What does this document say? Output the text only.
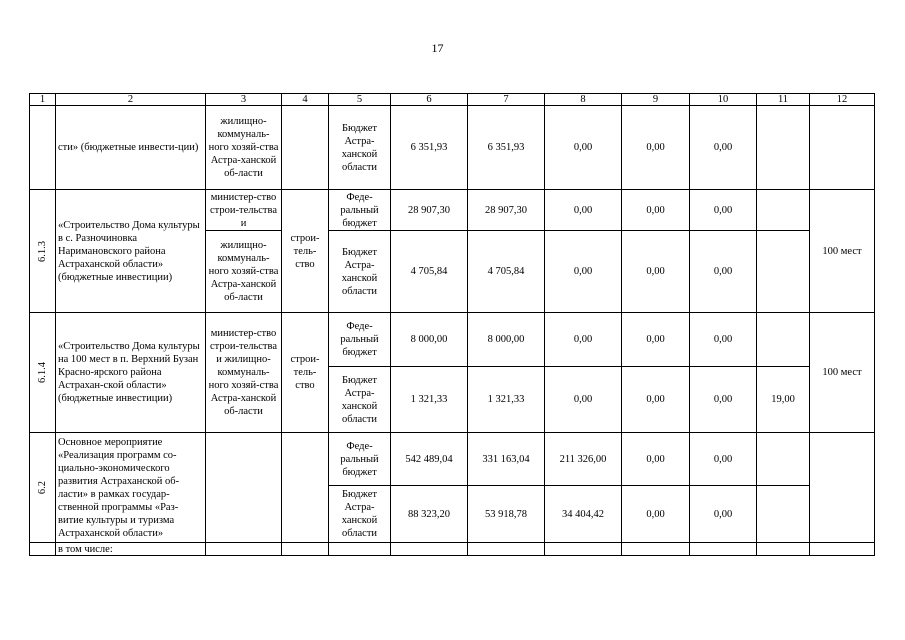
17
1	2	3	4	5	6	7	8	9	10	11	12
	сти» (бюджетные инвести-ции)	жилищно-коммуналь-ного хозяй-ства Астра-ханской об-ласти		Бюджет Астра-ханской области	6 351,93	6 351,93	0,00	0,00	0,00		
6.1.3	«Строительство Дома культуры в с. Разночиновка Наримановского района Астраханской области» (бюджетные инвестиции)	министер-ство строи-тельства и	строи-тель-ство	Феде-ральный бюджет	28 907,30	28 907,30	0,00	0,00	0,00		100 мест
		жилищно-коммуналь-ного хозяй-ства Астра-ханской об-ласти		Бюджет Астра-ханской области	4 705,84	4 705,84	0,00	0,00	0,00		
6.1.4	«Строительство Дома культуры на 100 мест в п. Верхний Бузан Красно-ярского района Астрахан-ской области» (бюджетные инвестиции)	министер-ство строи-тельства и жилищно-коммуналь-ного хозяй-ства Астра-ханской об-ласти	строи-тель-ство	Феде-ральный бюджет	8 000,00	8 000,00	0,00	0,00	0,00		100 мест
				Бюджет Астра-ханской области	1 321,33	1 321,33	0,00	0,00	0,00	19,00	
6.2	Основное мероприятие «Реализация программ со-циально-экономического развития Астраханской об-ласти» в рамках государ-ственной программы «Раз-витие культуры и туризма Астраханской области»			Феде-ральный бюджет	542 489,04	331 163,04	211 326,00	0,00	0,00		
				Бюджет Астра-ханской области	88 323,20	53 918,78	34 404,42	0,00	0,00		
	в том числе:										
